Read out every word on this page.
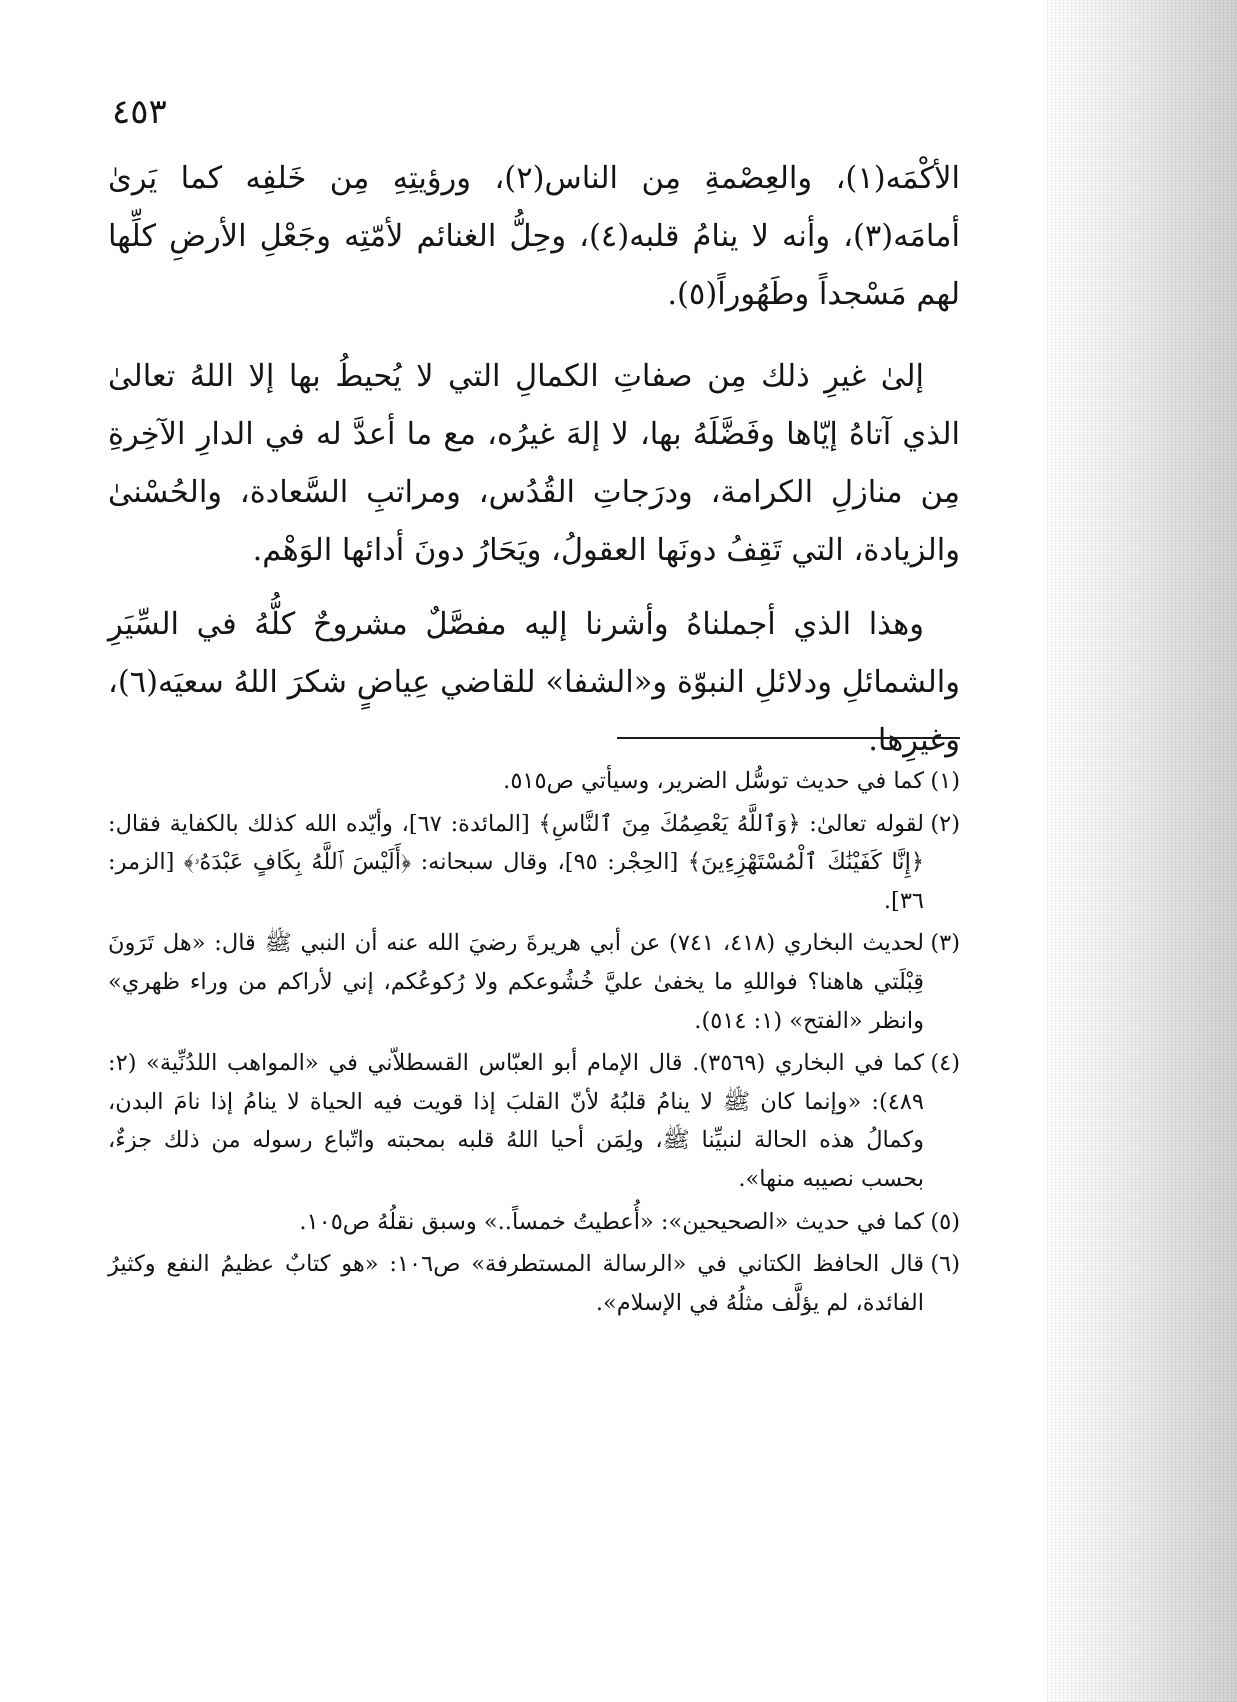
٤٥٣
الأكْمَه(١)، والعِصْمةِ مِن الناس(٢)، ورؤيتِهِ مِن خَلفِه كما يَرىٰ أمامَه(٣)، وأنه لا ينامُ قلبه(٤)، وحِلُّ الغنائم لأمّتِه وجَعْلِ الأرضِ كلِّها لهم مَسْجداً وطَهُوراً(٥).
إلىٰ غيرِ ذلك مِن صفاتِ الكمالِ التي لا يُحيطُ بها إلا اللهُ تعالىٰ الذي آتاهُ إيّاها وفَضَّلَهُ بها، لا إلهَ غيرُه، مع ما أعدَّ له في الدارِ الآخِرةِ مِن منازلِ الكرامة، ودرَجاتِ القُدُس، ومراتبِ السَّعادة، والحُسْنىٰ والزيادة، التي تَقِفُ دونَها العقولُ، ويَحَارُ دونَ أدائها الوَهْم.
وهذا الذي أجملناهُ وأشرنا إليه مفصَّلٌ مشروحٌ كلُّهُ في السِّيَرِ والشمائلِ ودلائلِ النبوّة و«الشفا» للقاضي عِياضٍ شكرَ اللهُ سعيَه(٦)، وغيرِها.
(١)
كما في حديث توسُّل الضرير، وسيأتي ص٥١٥.
(٢)
لقوله تعالىٰ: ﴿وَٱللَّهُ يَعْصِمُكَ مِنَ ٱلنَّاسِ﴾ [المائدة: ٦٧]، وأيّده الله كذلك بالكفاية فقال: ﴿إِنَّا كَفَيْنَٰكَ ٱلْمُسْتَهْزِءِينَ﴾ [الحِجْر: ٩٥]، وقال سبحانه: ﴿أَلَيْسَ ٱللَّهُ بِكَافٍ عَبْدَهُۥ﴾ [الزمر: ٣٦].
(٣)
لحديث البخاري (٤١٨، ٧٤١) عن أبي هريرةَ رضيَ الله عنه أن النبي ﷺ قال: «هل تَرَونَ قِبْلَتي هاهنا؟ فواللهِ ما يخفىٰ عليَّ خُشُوعكم ولا رُكوعُكم، إني لأراكم من وراء ظهري» وانظر «الفتح» (١: ٥١٤).
(٤)
كما في البخاري (٣٥٦٩). قال الإمام أبو العبّاس القسطلاّني في «المواهب اللدُنِّية» (٢: ٤٨٩): «وإنما كان ﷺ لا ينامُ قلبُهُ لأنّ القلبَ إذا قويت فيه الحياة لا ينامُ إذا نامَ البدن، وكمالُ هذه الحالة لنبيِّنا ﷺ، ولِمَن أحيا اللهُ قلبه بمحبته واتّباع رسوله من ذلك جزءٌ، بحسب نصيبه منها».
(٥)
كما في حديث «الصحيحين»: «أُعطيتُ خمساً..» وسبق نقلُهُ ص١٠٥.
(٦)
قال الحافظ الكتاني في «الرسالة المستطرفة» ص١٠٦: «هو كتابٌ عظيمُ النفع وكثيرُ الفائدة، لم يؤلَّف مثلُهُ في الإسلام».
